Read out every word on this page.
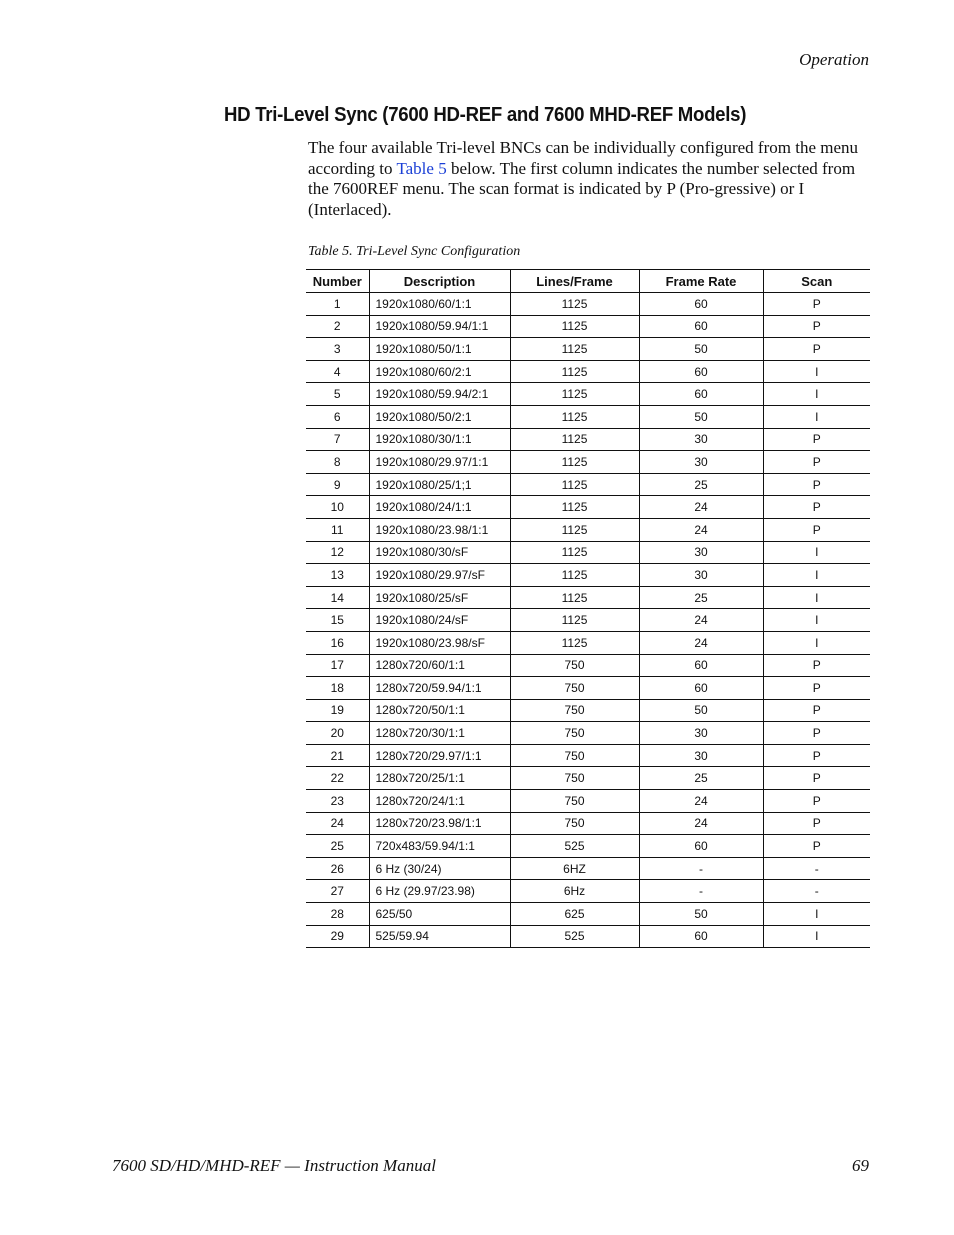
Operation
HD Tri-Level Sync (7600 HD-REF and 7600 MHD-REF Models)

The four available Tri-level BNCs can be individually configured from the menu according to Table 5 below. The first column indicates the number selected from the 7600REF menu. The scan format is indicated by P (Pro-gressive) or I (Interlaced).

Table 5. Tri-Level Sync Configuration

Number	Description	Lines/Frame	Frame Rate	Scan
1	1920x1080/60/1:1	1125	60	P
2	1920x1080/59.94/1:1	1125	60	P
3	1920x1080/50/1:1	1125	50	P
4	1920x1080/60/2:1	1125	60	I
5	1920x1080/59.94/2:1	1125	60	I
6	1920x1080/50/2:1	1125	50	I
7	1920x1080/30/1:1	1125	30	P
8	1920x1080/29.97/1:1	1125	30	P
9	1920x1080/25/1;1	1125	25	P
10	1920x1080/24/1:1	1125	24	P
11	1920x1080/23.98/1:1	1125	24	P
12	1920x1080/30/sF	1125	30	I
13	1920x1080/29.97/sF	1125	30	I
14	1920x1080/25/sF	1125	25	I
15	1920x1080/24/sF	1125	24	I
16	1920x1080/23.98/sF	1125	24	I
17	1280x720/60/1:1	750	60	P
18	1280x720/59.94/1:1	750	60	P
19	1280x720/50/1:1	750	50	P
20	1280x720/30/1:1	750	30	P
21	1280x720/29.97/1:1	750	30	P
22	1280x720/25/1:1	750	25	P
23	1280x720/24/1:1	750	24	P
24	1280x720/23.98/1:1	750	24	P
25	720x483/59.94/1:1	525	60	P
26	6 Hz (30/24)	6HZ	-	-
27	6 Hz (29.97/23.98)	6Hz	-	-
28	625/50	625	50	I
29	525/59.94	525	60	I
7600 SD/HD/MHD-REF — Instruction Manual	69
